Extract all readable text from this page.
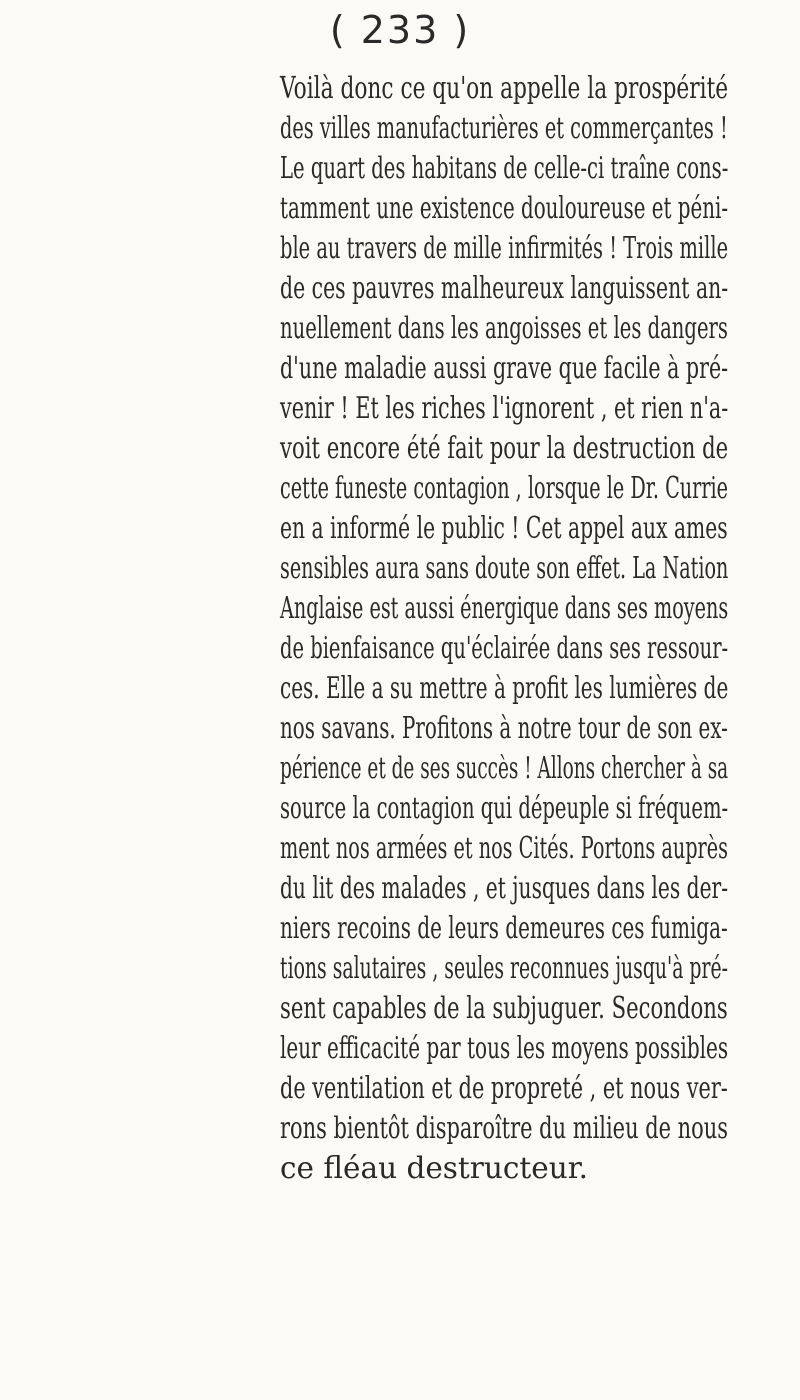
( 233 )
Voilà donc ce qu'on appelle la prospérité
des villes manufacturières et commerçantes !
Le quart des habitans de celle-ci traîne cons-
tamment une existence douloureuse et péni-
ble au travers de mille infirmités ! Trois mille
de ces pauvres malheureux languissent an-
nuellement dans les angoisses et les dangers
d'une maladie aussi grave que facile à pré-
venir ! Et les riches l'ignorent , et rien n'a-
voit encore été fait pour la destruction de
cette funeste contagion , lorsque le Dr. Currie
en a informé le public ! Cet appel aux ames
sensibles aura sans doute son effet. La Nation
Anglaise est aussi énergique dans ses moyens
de bienfaisance qu'éclairée dans ses ressour-
ces. Elle a su mettre à profit les lumières de
nos savans. Profitons à notre tour de son ex-
périence et de ses succès ! Allons chercher à sa
source la contagion qui dépeuple si fréquem-
ment nos armées et nos Cités. Portons auprès
du lit des malades , et jusques dans les der-
niers recoins de leurs demeures ces fumiga-
tions salutaires , seules reconnues jusqu'à pré-
sent capables de la subjuguer. Secondons
leur efficacité par tous les moyens possibles
de ventilation et de propreté , et nous ver-
rons bientôt disparoître du milieu de nous
ce fléau destructeur.
